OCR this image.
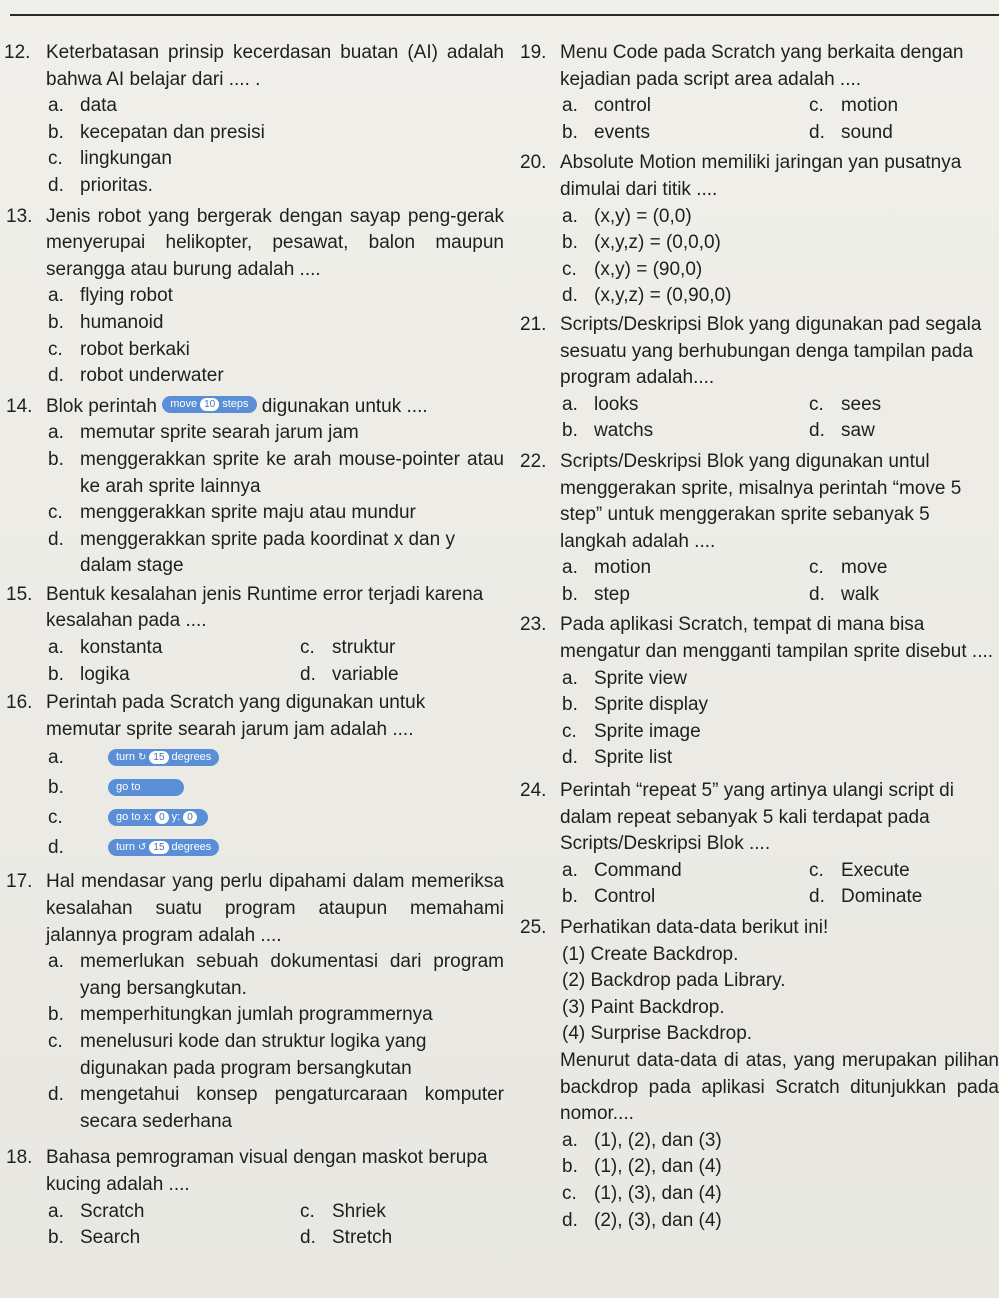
12. Keterbatasan prinsip kecerdasan buatan (AI) adalah bahwa AI belajar dari .... .
a. data
b. kecepatan dan presisi
c. lingkungan
d. prioritas.
13. Jenis robot yang bergerak dengan sayap peng-gerak menyerupai helikopter, pesawat, balon maupun serangga atau burung adalah ....
a. flying robot
b. humanoid
c. robot berkaki
d. robot underwater
14. Blok perintah move 10 steps digunakan untuk ....
a. memutar sprite searah jarum jam
b. menggerakkan sprite ke arah mouse-pointer atau ke arah sprite lainnya
c. menggerakkan sprite maju atau mundur
d. menggerakkan sprite pada koordinat x dan y dalam stage
15. Bentuk kesalahan jenis Runtime error terjadi karena kesalahan pada ....
a. konstanta	c. struktur
b. logika	d. variable
16. Perintah pada Scratch yang digunakan untuk memutar sprite searah jarum jam adalah ....
a.	turn ↻ 15 degrees
b.	go to
c.	go to x: 0 y: 0
d.	turn ↺ 15 degrees
17. Hal mendasar yang perlu dipahami dalam memeriksa kesalahan suatu program ataupun memahami jalannya program adalah ....
a. memerlukan sebuah dokumentasi dari program yang bersangkutan.
b. memperhitungkan jumlah programmernya
c. menelusuri kode dan struktur logika yang digunakan pada program bersangkutan
d. mengetahui konsep pengaturcaraan komputer secara sederhana
18. Bahasa pemrograman visual dengan maskot berupa kucing adalah ....
a. Scratch	c. Shriek
b. Search	d. Stretch
19. Menu Code pada Scratch yang berkaita dengan kejadian pada script area adalah ....
a. control	c. motion
b. events	d. sound
20. Absolute Motion memiliki jaringan yan pusatnya dimulai dari titik ....
a. (x,y) = (0,0)
b. (x,y,z) = (0,0,0)
c. (x,y) = (90,0)
d. (x,y,z) = (0,90,0)
21. Scripts/Deskripsi Blok yang digunakan pad segala sesuatu yang berhubungan denga tampilan pada program adalah....
a. looks	c. sees
b. watchs	d. saw
22. Scripts/Deskripsi Blok yang digunakan untul menggerakan sprite, misalnya perintah “move 5 step” untuk menggerakan sprite sebanyak 5 langkah adalah ....
a. motion	c. move
b. step	d. walk
23. Pada aplikasi Scratch, tempat di mana bisa mengatur dan mengganti tampilan sprite disebut ....
a. Sprite view
b. Sprite display
c. Sprite image
d. Sprite list
24. Perintah “repeat 5” yang artinya ulangi script di dalam repeat sebanyak 5 kali terdapat pada Scripts/Deskripsi Blok ....
a. Command	c. Execute
b. Control	d. Dominate
25. Perhatikan data-data berikut ini!
(1) Create Backdrop.
(2) Backdrop pada Library.
(3) Paint Backdrop.
(4) Surprise Backdrop.
Menurut data-data di atas, yang merupakan pilihan backdrop pada aplikasi Scratch ditunjukkan pada nomor....
a. (1), (2), dan (3)
b. (1), (2), dan (4)
c. (1), (3), dan (4)
d. (2), (3), dan (4)
